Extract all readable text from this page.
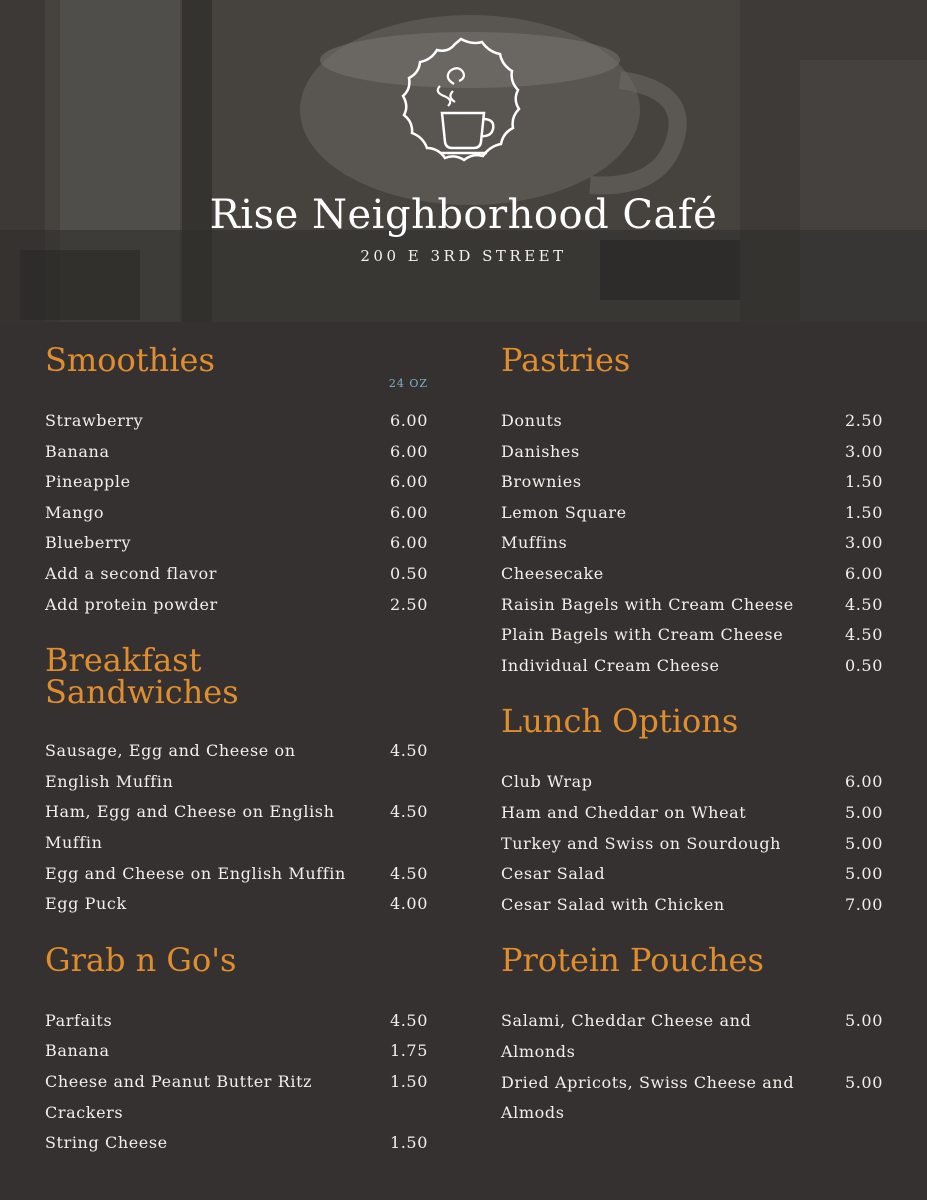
Rise Neighborhood Café
200 E 3RD STREET
Smoothies
24 OZ
Strawberry	6.00
Banana	6.00
Pineapple	6.00
Mango	6.00
Blueberry	6.00
Add a second flavor	0.50
Add protein powder	2.50
Breakfast
Sandwiches
Sausage, Egg and Cheese on English Muffin
4.50
Ham, Egg and Cheese on English Muffin
4.50
Egg and Cheese on English Muffin	4.50
Egg Puck	4.00
Grab n Go's
Parfaits	4.50
Banana	1.75
Cheese and Peanut Butter Ritz Crackers
1.50
String Cheese	1.50
Pastries
Donuts	2.50
Danishes	3.00
Brownies	1.50
Lemon Square	1.50
Muffins	3.00
Cheesecake	6.00
Raisin Bagels with Cream Cheese	4.50
Plain Bagels with Cream Cheese	4.50
Individual Cream Cheese	0.50
Lunch Options
Club Wrap	6.00
Ham and Cheddar on Wheat	5.00
Turkey and Swiss on Sourdough	5.00
Cesar Salad	5.00
Cesar Salad with Chicken	7.00
Protein Pouches
Salami, Cheddar Cheese and Almonds
5.00
Dried Apricots, Swiss Cheese and Almods
5.00
